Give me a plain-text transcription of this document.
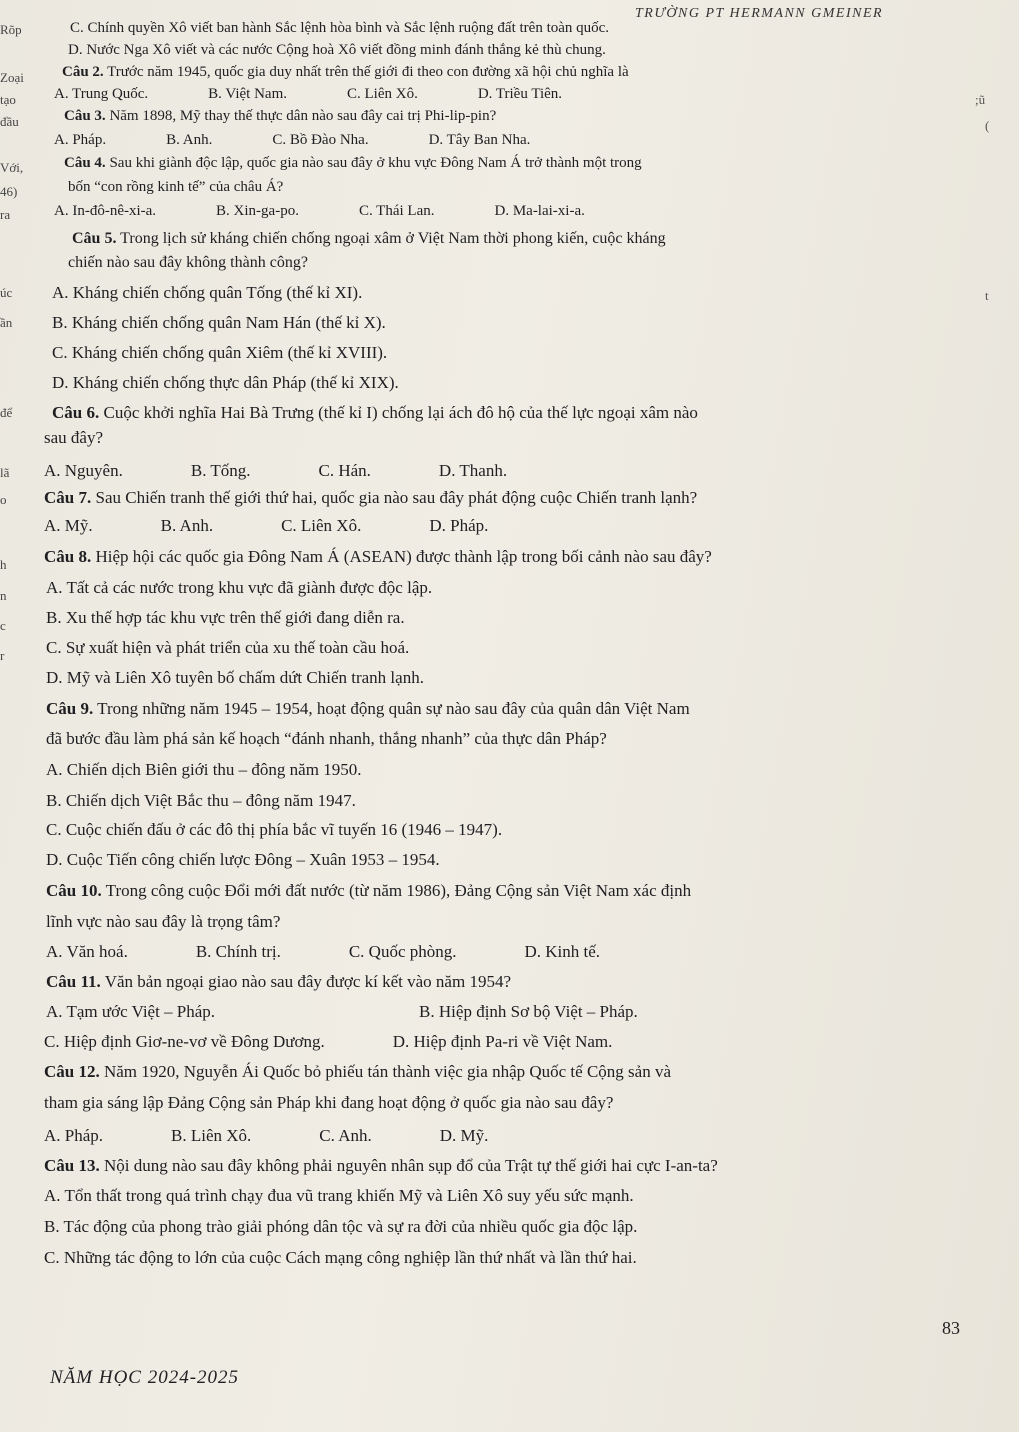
TRƯỜNG PT HERMANN GMEINER
Rõp
Zoại
tạo
đầu
Với,
46)
ra
úc
ần
để
lã
o
h
n
c
r
;ũ
(
t
C. Chính quyền Xô viết ban hành Sắc lệnh hòa bình và Sắc lệnh ruộng đất trên toàn quốc.
D. Nước Nga Xô viết và các nước Cộng hoà Xô viết đồng minh đánh thắng kẻ thù chung.
Câu 2. Trước năm 1945, quốc gia duy nhất trên thế giới đi theo con đường xã hội chủ nghĩa là
A. Trung Quốc.    B. Việt Nam.    C. Liên Xô.    D. Triều Tiên.
Câu 3. Năm 1898, Mỹ thay thế thực dân nào sau đây cai trị Phi-lip-pin?
A. Pháp.    B. Anh.    C. Bồ Đào Nha.    D. Tây Ban Nha.
Câu 4. Sau khi giành độc lập, quốc gia nào sau đây ở khu vực Đông Nam Á trở thành một trong
bốn “con rồng kinh tế” của châu Á?
A. In-đô-nê-xi-a.    B. Xin-ga-po.    C. Thái Lan.    D. Ma-lai-xi-a.
Câu 5. Trong lịch sử kháng chiến chống ngoại xâm ở Việt Nam thời phong kiến, cuộc kháng
chiến nào sau đây không thành công?
A. Kháng chiến chống quân Tống (thế kỉ XI).
B. Kháng chiến chống quân Nam Hán (thế kỉ X).
C. Kháng chiến chống quân Xiêm (thế kỉ XVIII).
D. Kháng chiến chống thực dân Pháp (thế kỉ XIX).
Câu 6. Cuộc khởi nghĩa Hai Bà Trưng (thế kỉ I) chống lại ách đô hộ của thế lực ngoại xâm nào
sau đây?
A. Nguyên.    B. Tống.    C. Hán.    D. Thanh.
Câu 7. Sau Chiến tranh thế giới thứ hai, quốc gia nào sau đây phát động cuộc Chiến tranh lạnh?
A. Mỹ.    B. Anh.    C. Liên Xô.    D. Pháp.
Câu 8. Hiệp hội các quốc gia Đông Nam Á (ASEAN) được thành lập trong bối cảnh nào sau đây?
A. Tất cả các nước trong khu vực đã giành được độc lập.
B. Xu thế hợp tác khu vực trên thế giới đang diễn ra.
C. Sự xuất hiện và phát triển của xu thế toàn cầu hoá.
D. Mỹ và Liên Xô tuyên bố chấm dứt Chiến tranh lạnh.
Câu 9. Trong những năm 1945 – 1954, hoạt động quân sự nào sau đây của quân dân Việt Nam
đã bước đầu làm phá sản kế hoạch “đánh nhanh, thắng nhanh” của thực dân Pháp?
A. Chiến dịch Biên giới thu – đông năm 1950.
B. Chiến dịch Việt Bắc thu – đông năm 1947.
C. Cuộc chiến đấu ở các đô thị phía bắc vĩ tuyến 16 (1946 – 1947).
D. Cuộc Tiến công chiến lược Đông – Xuân 1953 – 1954.
Câu 10. Trong công cuộc Đổi mới đất nước (từ năm 1986), Đảng Cộng sản Việt Nam xác định
lĩnh vực nào sau đây là trọng tâm?
A. Văn hoá.    B. Chính trị.    C. Quốc phòng.    D. Kinh tế.
Câu 11. Văn bản ngoại giao nào sau đây được kí kết vào năm 1954?
A. Tạm ước Việt – Pháp.            B. Hiệp định Sơ bộ Việt – Pháp.
C. Hiệp định Giơ-ne-vơ về Đông Dương.    D. Hiệp định Pa-ri về Việt Nam.
Câu 12. Năm 1920, Nguyễn Ái Quốc bỏ phiếu tán thành việc gia nhập Quốc tế Cộng sản và
tham gia sáng lập Đảng Cộng sản Pháp khi đang hoạt động ở quốc gia nào sau đây?
A. Pháp.    B. Liên Xô.    C. Anh.    D. Mỹ.
Câu 13. Nội dung nào sau đây không phải nguyên nhân sụp đổ của Trật tự thế giới hai cực I-an-ta?
A. Tổn thất trong quá trình chạy đua vũ trang khiến Mỹ và Liên Xô suy yếu sức mạnh.
B. Tác động của phong trào giải phóng dân tộc và sự ra đời của nhiều quốc gia độc lập.
C. Những tác động to lớn của cuộc Cách mạng công nghiệp lần thứ nhất và lần thứ hai.
83
NĂM HỌC 2024-2025
